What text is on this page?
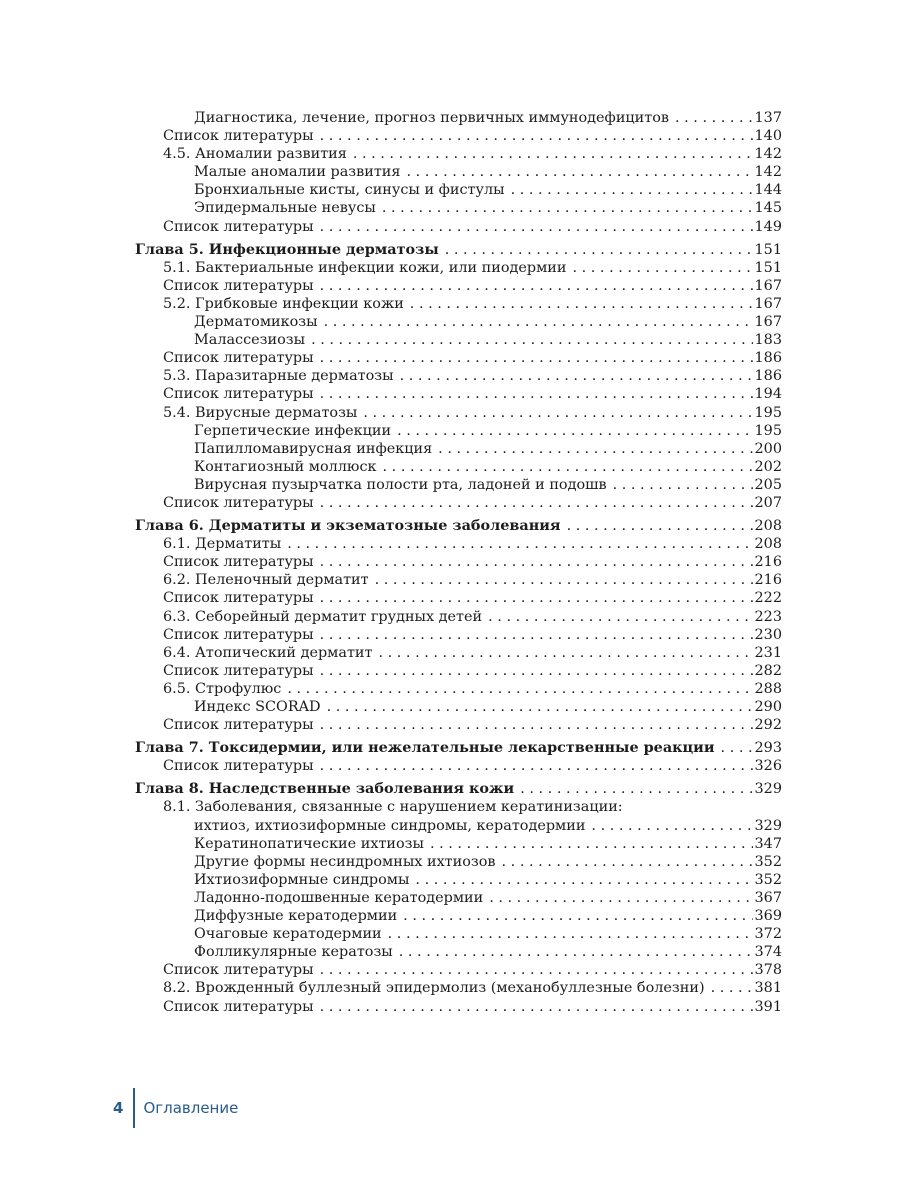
Диагностика, лечение, прогноз первичных иммунодефицитов . . .	137
Список литературы . . .	140
4.5. Аномалии развития . . .	142
Малые аномалии развития . . .	142
Бронхиальные кисты, синусы и фистулы . . .	144
Эпидермальные невусы . . .	145
Список литературы . . .	149
Глава 5. Инфекционные дерматозы . . .	151
5.1. Бактериальные инфекции кожи, или пиодермии . . .	151
Список литературы . . .	167
5.2. Грибковые инфекции кожи . . .	167
Дерматомикозы . . .	167
Малассезиозы . . .	183
Список литературы . . .	186
5.3. Паразитарные дерматозы . . .	186
Список литературы . . .	194
5.4. Вирусные дерматозы . . .	195
Герпетические инфекции . . .	195
Папилломавирусная инфекция . . .	200
Контагиозный моллюск . . .	202
Вирусная пузырчатка полости рта, ладоней и подошв . . .	205
Список литературы . . .	207
Глава 6. Дерматиты и экзематозные заболевания . . .	208
6.1. Дерматиты . . .	208
Список литературы . . .	216
6.2. Пеленочный дерматит . . .	216
Список литературы . . .	222
6.3. Себорейный дерматит грудных детей . . .	223
Список литературы . . .	230
6.4. Атопический дерматит . . .	231
Список литературы . . .	282
6.5. Строфулюс . . .	288
Индекс SCORAD . . .	290
Список литературы . . .	292
Глава 7. Токсидермии, или нежелательные лекарственные реакции . . .	293
Список литературы . . .	326
Глава 8. Наследственные заболевания кожи . . .	329
8.1. Заболевания, связанные с нарушением кератинизации:
ихтиоз, ихтиозиформные синдромы, кератодермии . . .	329
Кератинопатические ихтиозы . . .	347
Другие формы несиндромных ихтиозов . . .	352
Ихтиозиформные синдромы . . .	352
Ладонно-подошвенные кератодермии . . .	367
Диффузные кератодермии . . .	369
Очаговые кератодермии . . .	372
Фолликулярные кератозы . . .	374
Список литературы . . .	378
8.2. Врожденный буллезный эпидермолиз (механобуллезные болезни) . . .	381
Список литературы . . .	391
4 Оглавление
